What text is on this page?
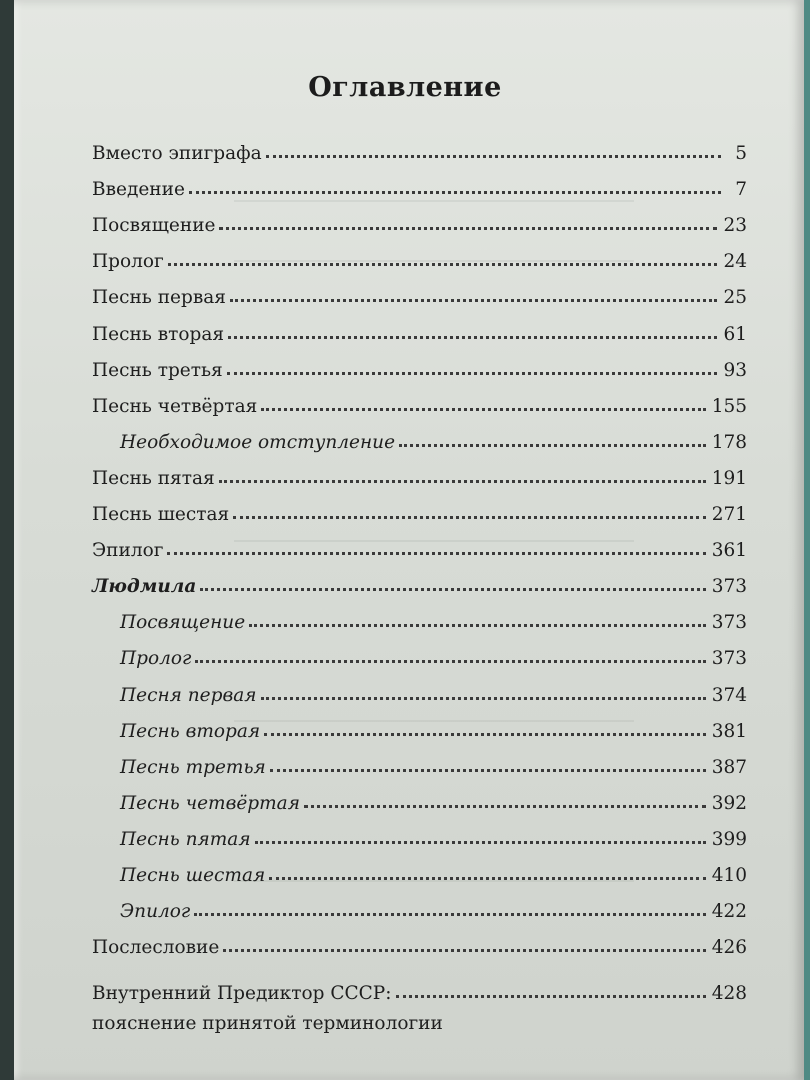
Оглавление
Вместо эпиграфа	5
Введение	7
Посвящение	23
Пролог	24
Песнь первая	25
Песнь вторая	61
Песнь третья	93
Песнь четвёртая	155
Необходимое отступление	178
Песнь пятая	191
Песнь шестая	271
Эпилог	361
Людмила	373
Посвящение	373
Пролог	373
Песня первая	374
Песнь вторая	381
Песнь третья	387
Песнь четвёртая	392
Песнь пятая	399
Песнь шестая	410
Эпилог	422
Послесловие	426
Внутренний Предиктор СССР:	428
пояснение принятой терминологии
